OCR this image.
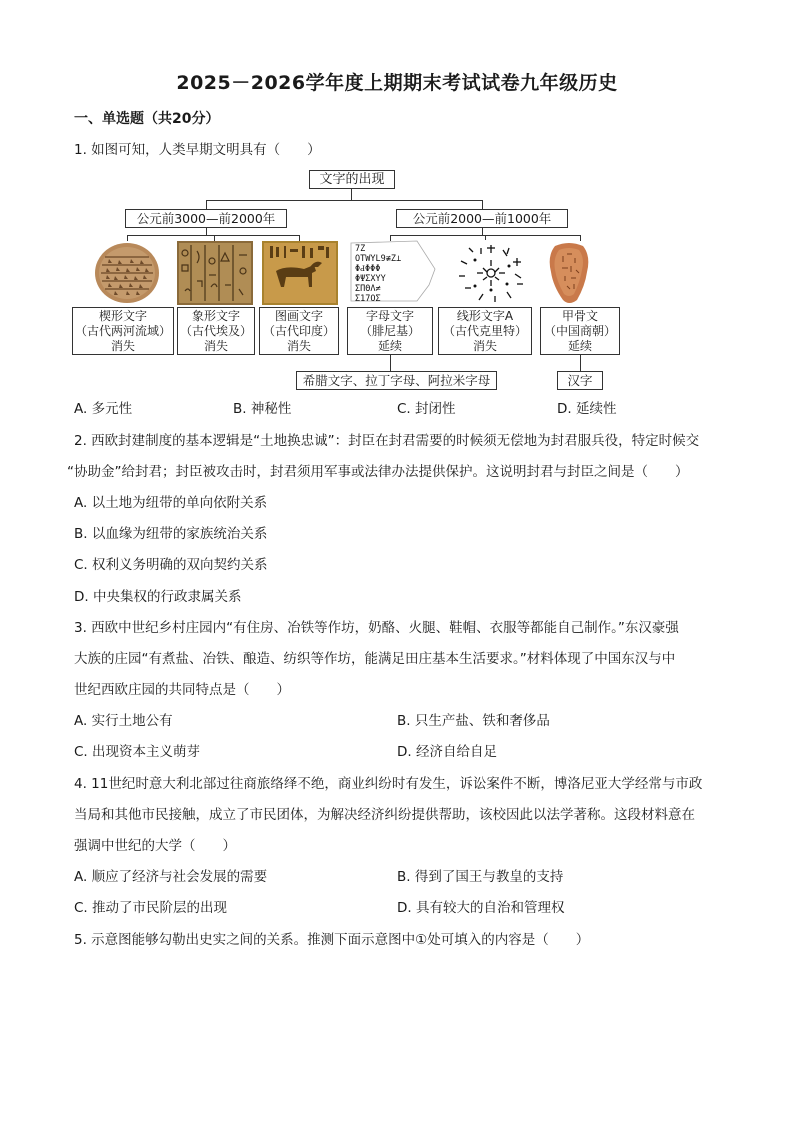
2025－2026学年度上期期末考试试卷九年级历史
一、单选题（共20分）
1. 如图可知，人类早期文明具有（　　）
文字的出现
公元前3000—前2000年	公元前2000—前1000年
7Z
OTWYL9≢Z⊥
ΦԀΦΦΦ
ΦΨΣΧΥΥ
ΣΠΘΛ≠
Σ17OΣ
楔形文字
（古代两河流域）
消失
象形文字
（古代埃及）
消失
图画文字
（古代印度）
消失
字母文字
（腓尼基）
延续
线形文字A
（古代克里特）
消失
甲骨文
（中国商朝）
延续
希腊文字、拉丁字母、阿拉米字母	汉字
A. 多元性	B. 神秘性	C. 封闭性	D. 延续性
2. 西欧封建制度的基本逻辑是“土地换忠诚”：封臣在封君需要的时候须无偿地为封君服兵役，特定时候交
“协助金”给封君；封臣被攻击时，封君须用军事或法律办法提供保护。这说明封君与封臣之间是（　　）
A. 以土地为纽带的单向依附关系
B. 以血缘为纽带的家族统治关系
C. 权利义务明确的双向契约关系
D. 中央集权的行政隶属关系
3. 西欧中世纪乡村庄园内“有住房、冶铁等作坊，奶酪、火腿、鞋帽、衣服等都能自己制作。”东汉豪强
大族的庄园“有煮盐、冶铁、酿造、纺织等作坊，能满足田庄基本生活要求。”材料体现了中国东汉与中
世纪西欧庄园的共同特点是（　　）
A. 实行土地公有	B. 只生产盐、铁和奢侈品
C. 出现资本主义萌芽	D. 经济自给自足
4. 11世纪时意大利北部过往商旅络绎不绝，商业纠纷时有发生，诉讼案件不断，博洛尼亚大学经常与市政
当局和其他市民接触，成立了市民团体，为解决经济纠纷提供帮助，该校因此以法学著称。这段材料意在
强调中世纪的大学（　　）
A. 顺应了经济与社会发展的需要	B. 得到了国王与教皇的支持
C. 推动了市民阶层的出现	D. 具有较大的自治和管理权
5. 示意图能够勾勒出史实之间的关系。推测下面示意图中①处可填入的内容是（　　）
